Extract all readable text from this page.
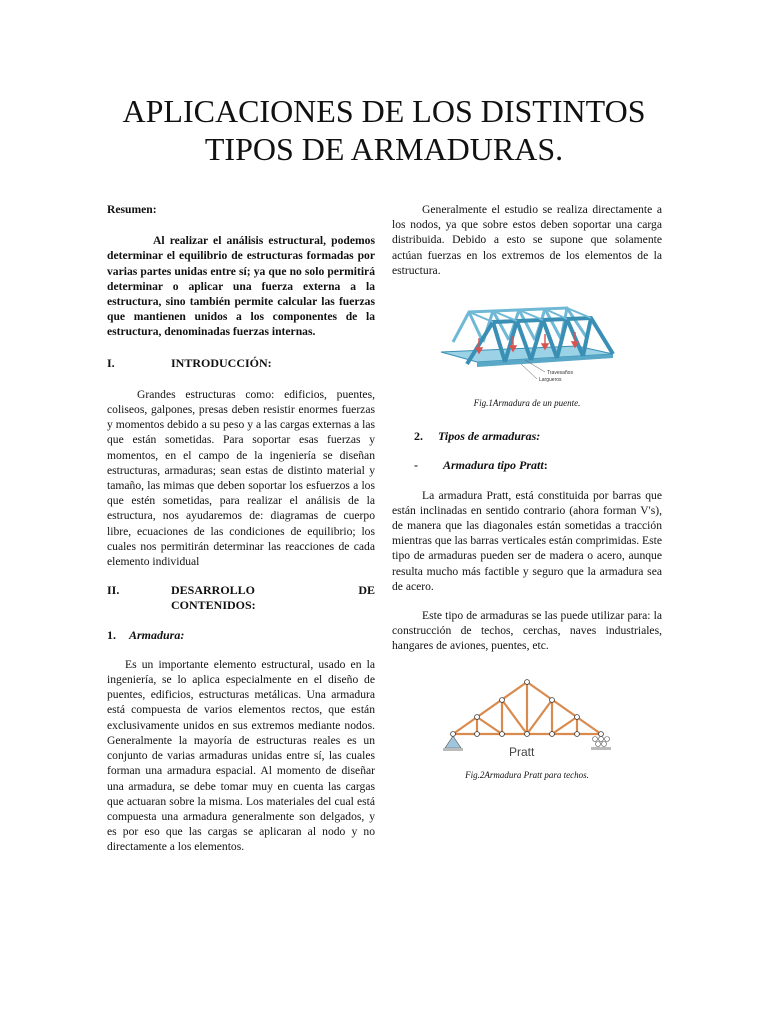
APLICACIONES DE LOS DISTINTOS
TIPOS DE ARMADURAS.

Resumen:

Al realizar el análisis estructural, podemos determinar el equilibrio de estructuras formadas por varias partes unidas entre sí; ya que no solo permitirá determinar o aplicar una fuerza externa a la estructura, sino también permite calcular las fuerzas que mantienen unidos a los componentes de la estructura, denominadas fuerzas internas.

I.	INTRODUCCIÓN:

Grandes estructuras como: edificios, puentes, coliseos, galpones, presas deben resistir enormes fuerzas y momentos debido a su peso y a las cargas externas a las que están sometidas. Para soportar esas fuerzas y momentos, en el campo de la ingeniería se diseñan estructuras, armaduras; sean estas de distinto material y tamaño, las mimas que deben soportar los esfuerzos a los que estén sometidas, para realizar el análisis de la estructura, nos ayudaremos de: diagramas de cuerpo libre, ecuaciones de las condiciones de equilibrio; los cuales nos permitirán determinar las reacciones de cada elemento individual

II.	DESARROLLO	DE
CONTENIDOS:
1. Armadura:

Es un importante elemento estructural, usado en la ingeniería, se lo aplica especialmente en el diseño de puentes, edificios, estructuras metálicas. Una armadura está compuesta de varios elementos rectos, que están exclusivamente unidos en sus extremos mediante nodos. Generalmente la mayoría de estructuras reales es un conjunto de varias armaduras unidas entre sí, las cuales forman una armadura espacial. Al momento de diseñar una armadura, se debe tomar muy en cuenta las cargas que actuaran sobre la misma. Los materiales del cual está compuesta una armadura generalmente son delgados, y es por eso que las cargas se aplicaran al nodo y no directamente a los elementos.

Generalmente el estudio se realiza directamente a los nodos, ya que sobre estos deben soportar una carga distribuida. Debido a esto se supone que solamente actúan fuerzas en los extremos de los elementos de la estructura.

Travesaños
Largueros
Fig.1Armadura de un puente.
2. Tipos de armaduras:
- Armadura tipo Pratt:

La armadura Pratt, está constituida por barras que están inclinadas en sentido contrario (ahora forman V's), de manera que las diagonales están sometidas a tracción mientras que las barras verticales están comprimidas. Este tipo de armaduras pueden ser de madera o acero, aunque resulta mucho más factible y seguro que la armadura sea de acero.

Este tipo de armaduras se las puede utilizar para: la construcción de techos, cerchas, naves industriales, hangares de aviones, puentes, etc.

Pratt
Fig.2Armadura Pratt para techos.
